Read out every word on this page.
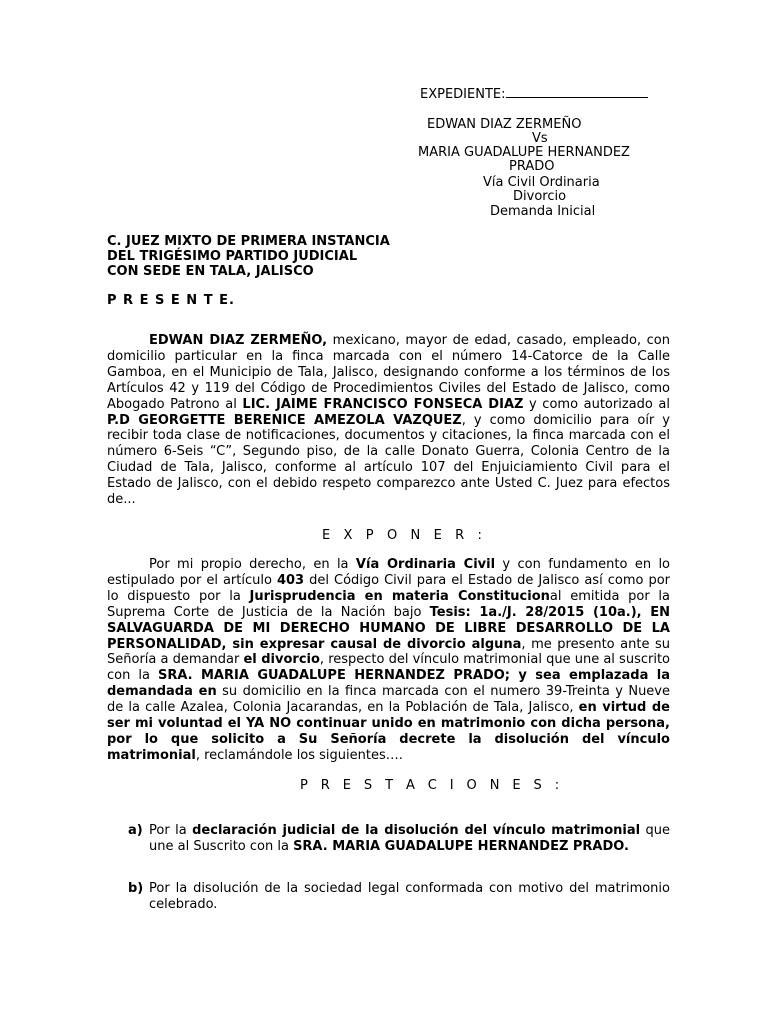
EXPEDIENTE:
EDWAN DIAZ ZERMEÑO
Vs
MARIA GUADALUPE HERNANDEZ
PRADO
Vía Civil Ordinaria
Divorcio
Demanda Inicial
C. JUEZ MIXTO DE PRIMERA INSTANCIA
DEL TRIGÉSIMO PARTIDO JUDICIAL
CON SEDE EN TALA, JALISCO
P R E S E N T E.
EDWAN DIAZ ZERMEÑO, mexicano, mayor de edad, casado, empleado, con domicilio particular en la finca marcada con el número 14-Catorce de la Calle Gamboa, en el Municipio de Tala, Jalisco, designando conforme a los términos de los Artículos 42 y 119 del Código de Procedimientos Civiles del Estado de Jalisco, como Abogado Patrono al LIC. JAIME FRANCISCO FONSECA DIAZ y como autorizado al P.D GEORGETTE BERENICE AMEZOLA VAZQUEZ, y como domicilio para oír y recibir toda clase de notificaciones, documentos y citaciones, la finca marcada con el número 6-Seis “C”, Segundo piso, de la calle Donato Guerra, Colonia Centro de la Ciudad de Tala, Jalisco, conforme al artículo 107 del Enjuiciamiento Civil para el Estado de Jalisco, con el debido respeto comparezco ante Usted C. Juez para efectos de...
E X P O N E R :
Por mi propio derecho, en la Vía Ordinaria Civil y con fundamento en lo estipulado por el artículo 403 del Código Civil para el Estado de Jalisco así como por lo dispuesto por la Jurisprudencia en materia Constitucional emitida por la Suprema Corte de Justicia de la Nación bajo Tesis: 1a./J. 28/2015 (10a.), EN SALVAGUARDA DE MI DERECHO HUMANO DE LIBRE DESARROLLO DE LA PERSONALIDAD, sin expresar causal de divorcio alguna, me presento ante su Señoría a demandar el divorcio, respecto del vínculo matrimonial que une al suscrito con la SRA. MARIA GUADALUPE HERNANDEZ PRADO; y sea emplazada la demandada en su domicilio en la finca marcada con el numero 39-Treinta y Nueve de la calle Azalea, Colonia Jacarandas, en la Población de Tala, Jalisco, en virtud de ser mi voluntad el YA NO continuar unido en matrimonio con dicha persona, por lo que solicito a Su Señoría decrete la disolución del vínculo matrimonial, reclamándole los siguientes….
P R E S T A C I O N E S :
a) Por la declaración judicial de la disolución del vínculo matrimonial que une al Suscrito con la SRA. MARIA GUADALUPE HERNANDEZ PRADO.
b) Por la disolución de la sociedad legal conformada con motivo del matrimonio celebrado.
